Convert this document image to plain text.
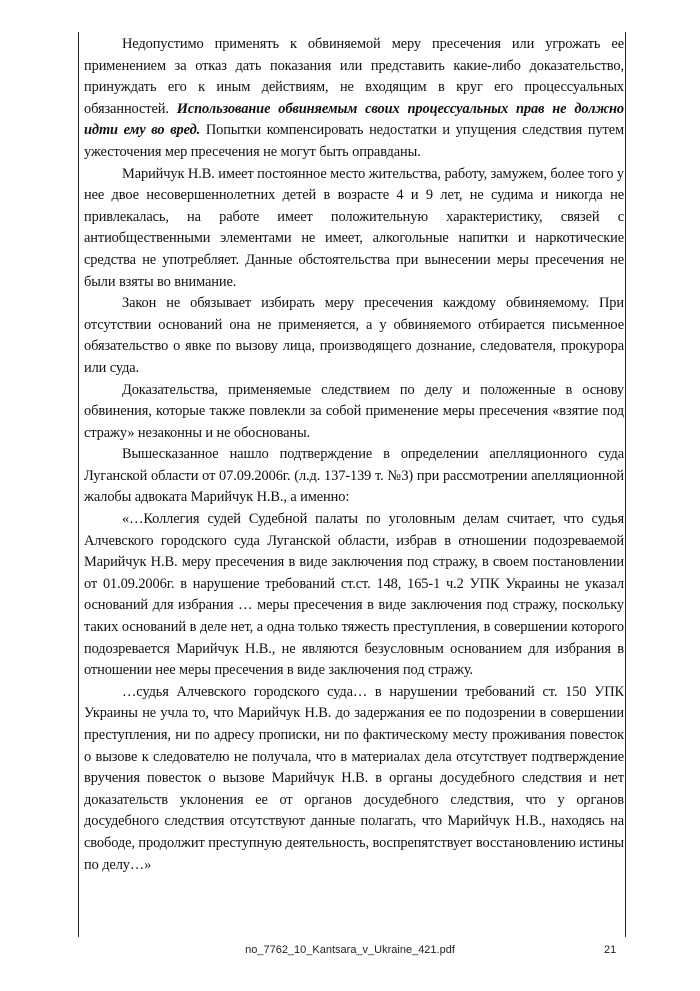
Недопустимо применять к обвиняемой меру пресечения или угрожать ее применением за отказ дать показания или представить какие-либо доказательство, принуждать его к иным действиям, не входящим в круг его процессуальных обязанностей. Использование обвиняемым своих процессуальных прав не должно идти ему во вред. Попытки компенсировать недостатки и упущения следствия путем ужесточения мер пресечения не могут быть оправданы.

Марийчук Н.В. имеет постоянное место жительства, работу, замужем, более того у нее двое несовершеннолетних детей в возрасте 4 и 9 лет, не судима и никогда не привлекалась, на работе имеет положительную характеристику, связей с антиобщественными элементами не имеет, алкогольные напитки и наркотические средства не употребляет. Данные обстоятельства при вынесении меры пресечения не были взяты во внимание.

Закон не обязывает избирать меру пресечения каждому обвиняемому. При отсутствии оснований она не применяется, а у обвиняемого отбирается письменное обязательство о явке по вызову лица, производящего дознание, следователя, прокурора или суда.

Доказательства, применяемые следствием по делу и положенные в основу обвинения, которые также повлекли за собой применение меры пресечения «взятие под стражу» незаконны и не обоснованы.

Вышесказанное нашло подтверждение в определении апелляционного суда Луганской области от 07.09.2006г. (л.д. 137-139 т. №3) при рассмотрении апелляционной жалобы адвоката Марийчук Н.В., а именно:

«…Коллегия судей Судебной палаты по уголовным делам считает, что судья Алчевского городского суда Луганской области, избрав в отношении подозреваемой Марийчук Н.В. меру пресечения в виде заключения под стражу, в своем постановлении от 01.09.2006г. в нарушение требований ст.ст. 148, 165-1 ч.2 УПК Украины не указал оснований для избрания … меры пресечения в виде заключения под стражу, поскольку таких оснований в деле нет, а одна только тяжесть преступления, в совершении которого подозревается Марийчук Н.В., не являются безусловным основанием для избрания в отношении нее меры пресечения в виде заключения под стражу.

…судья Алчевского городского суда… в нарушении требований ст. 150 УПК Украины не учла то, что Марийчук Н.В. до задержания ее по подозрении в совершении преступления, ни по адресу прописки, ни по фактическому месту проживания повесток о вызове к следователю не получала, что в материалах дела отсутствует подтверждение вручения повесток о вызове Марийчук Н.В. в органы досудебного следствия и нет доказательств уклонения ее от органов досудебного следствия, что у органов досудебного следствия отсутствуют данные полагать, что Марийчук Н.В., находясь на свободе, продолжит преступную деятельность, воспрепятствует восстановлению истины по делу…»

no_7762_10_Kantsara_v_Ukraine_421.pdf	21
